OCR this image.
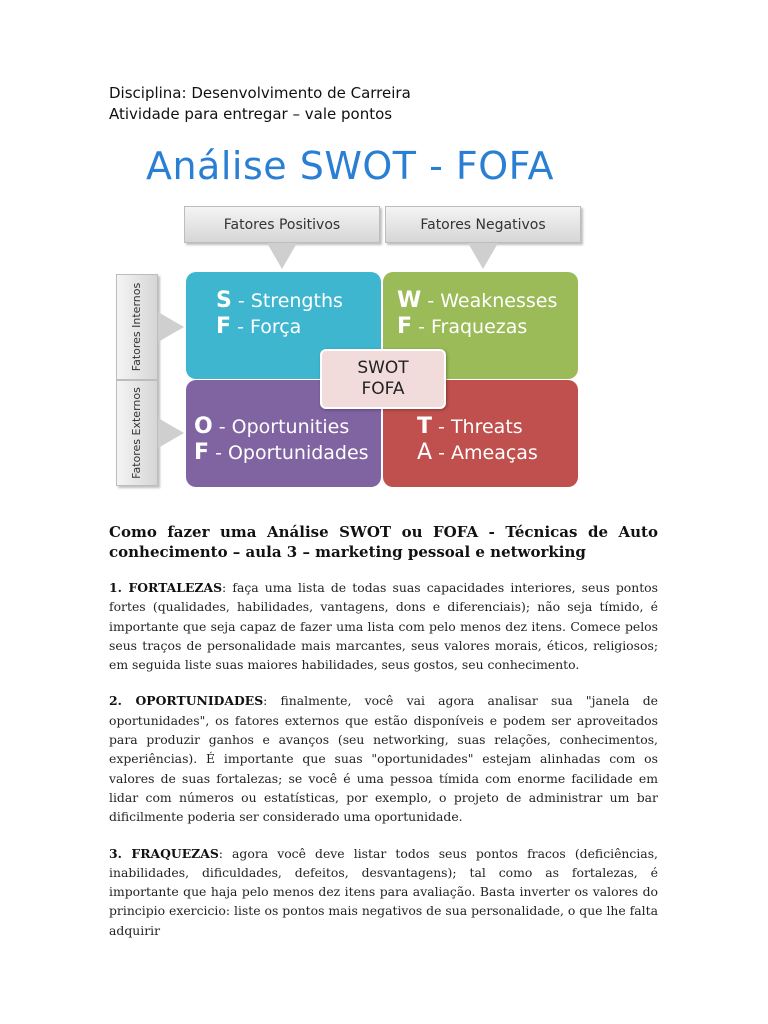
Disciplina: Desenvolvimento de Carreira
Atividade para entregar – vale pontos
Análise SWOT - FOFA
Fatores Positivos	Fatores Negativos
Fatores Internos
Fatores Externos
S - Strengths
F - Força
W - Weaknesses
F - Fraquezas
O - Oportunities
F - Oportunidades
T - Threats
A - Ameaças
SWOT
FOFA
Como fazer uma Análise SWOT ou FOFA - Técnicas de Auto
conhecimento – aula 3 – marketing pessoal e networking

1. FORTALEZAS: faça uma lista de todas suas capacidades interiores, seus pontos fortes (qualidades, habilidades, vantagens, dons e diferenciais); não seja tímido, é importante que seja capaz de fazer uma lista com pelo menos dez itens. Comece pelos seus traços de personalidade mais marcantes, seus valores morais, éticos, religiosos; em seguida liste suas maiores habilidades, seus gostos, seu conhecimento.

2. OPORTUNIDADES: finalmente, você vai agora analisar sua "janela de oportunidades", os fatores externos que estão disponíveis e podem ser aproveitados para produzir ganhos e avanços (seu networking, suas relações, conhecimentos, experiências). É importante que suas "oportunidades" estejam alinhadas com os valores de suas fortalezas; se você é uma pessoa tímida com enorme facilidade em lidar com números ou estatísticas, por exemplo, o projeto de administrar um bar dificilmente poderia ser considerado uma oportunidade.

3. FRAQUEZAS: agora você deve listar todos seus pontos fracos (deficiências, inabilidades, dificuldades, defeitos, desvantagens); tal como as fortalezas, é importante que haja pelo menos dez itens para avaliação. Basta inverter os valores do principio exercicio: liste os pontos mais negativos de sua personalidade, o que lhe falta adquirir
